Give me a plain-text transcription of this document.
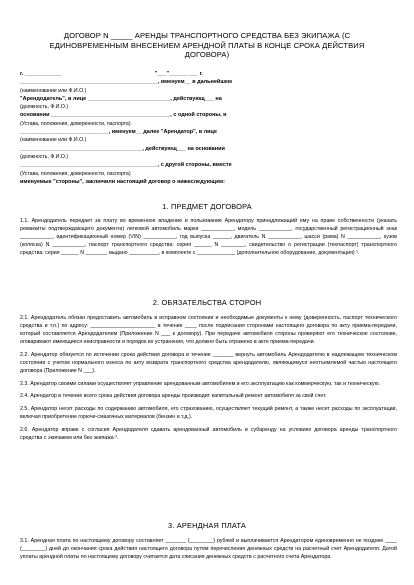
ДОГОВОР N _____ АРЕНДЫ ТРАНСПОРТНОГО СРЕДСТВА БЕЗ ЭКИПАЖА (С
ЕДИНОВРЕМЕННЫМ ВНЕСЕНИЕМ АРЕНДНОЙ ПЛАТЫ В КОНЦЕ СРОКА ДЕЙСТВИЯ
ДОГОВОРА)
г. ____________                                                             "___"______ ___ г.
_____________________________________________, именуем__ в дальнейшем
(наименование или Ф.И.О.)
"Арендодатель", в лице ___________________________, действующ___ на
(должность, Ф.И.О.)
основании _______________________________________, с одной стороны, и
(Устава, положения, доверенности, паспорта)
_____________________________, именуем__ далее "Арендатор", в лице
(наименование или Ф.И.О.)
________________________________________, действующ___ на основании
(должность, Ф.И.О.)
_____________________________________________, с другой стороны, вместе
(Устава, положения, доверенности, паспорта)
именуемые "стороны", заключили настоящий договор о нижеследующем:
1. ПРЕДМЕТ ДОГОВОРА

1.1. Арендодатель передает за плату во временное владение и пользование Арендатору принадлежащий ему на праве собственности (указать реквизиты подтверждающего документа) легковой автомобиль марки ___________, модель ___________, государственный регистрационный знак ___________, идентификационный номер (VIN) ___________, год выпуска ______, двигатель N ___________, шасси (рама) N ___________, кузов (коляска) N ___________, паспорт транспортного средства: серия ______ N ________, свидетельство о регистрации (техпаспорт) транспортного средства: серия ______ N _______, выдано __________, в комплекте с _____________ (дополнительное оборудование, документация) ¹.

2. ОБЯЗАТЕЛЬСТВА СТОРОН

2.1. Арендодатель обязан предоставить автомобиль в исправном состоянии и необходимые документы к нему (доверенность, паспорт технического средства и т.п.) по адресу: ______________________ в течение ____ после подписания сторонами настоящего договора по акту приема-передачи, который составляется Арендодателем (Приложение N ___ к договору). При передаче автомобиля стороны проверяют его техническое состояние, оговаривают имеющиеся неисправности и порядок их устранения, что должно быть отражено в акте приема-передачи.

2.2. Арендатор обязуется по истечении срока действия договора в течение _______ вернуть автомобиль Арендодателю в надлежащем техническом состоянии с учетом нормального износа по акту возврата транспортного средства арендодателю, являющемуся неотъемлемой частью настоящего договора (Приложение N ___).

2.3. Арендатор своими силами осуществляет управление арендованным автомобилем и его эксплуатацию как коммерческую, так и техническую.

2.4. Арендатор в течение всего срока действия договора аренды производит капитальный ремонт автомобиля за свой счет.

2.5. Арендатор несет расходы по содержанию автомобиля, его страхованию, осуществляет текущий ремонт, а также несет расходы по эксплуатации, включая приобретение горюче-смазочных материалов (бензин и т.д.).

2.6. Арендатор вправе с согласия Арендодателя сдавать арендованный автомобиль в субаренду на условиях договора аренды транспортного средства с экипажем или без экипажа ².

3. АРЕНДНАЯ ПЛАТА

3.1. Арендная плата по настоящему договору составляет _______ (________) рублей и выплачивается Арендатором единовременно не позднее ____ (________) дней до окончания срока действия настоящего договора путем перечисления денежных средств на расчетный счет Арендодателя. Датой уплаты арендной платы по настоящему договору считается дата списания денежных средств с расчетного счета Арендатора.
